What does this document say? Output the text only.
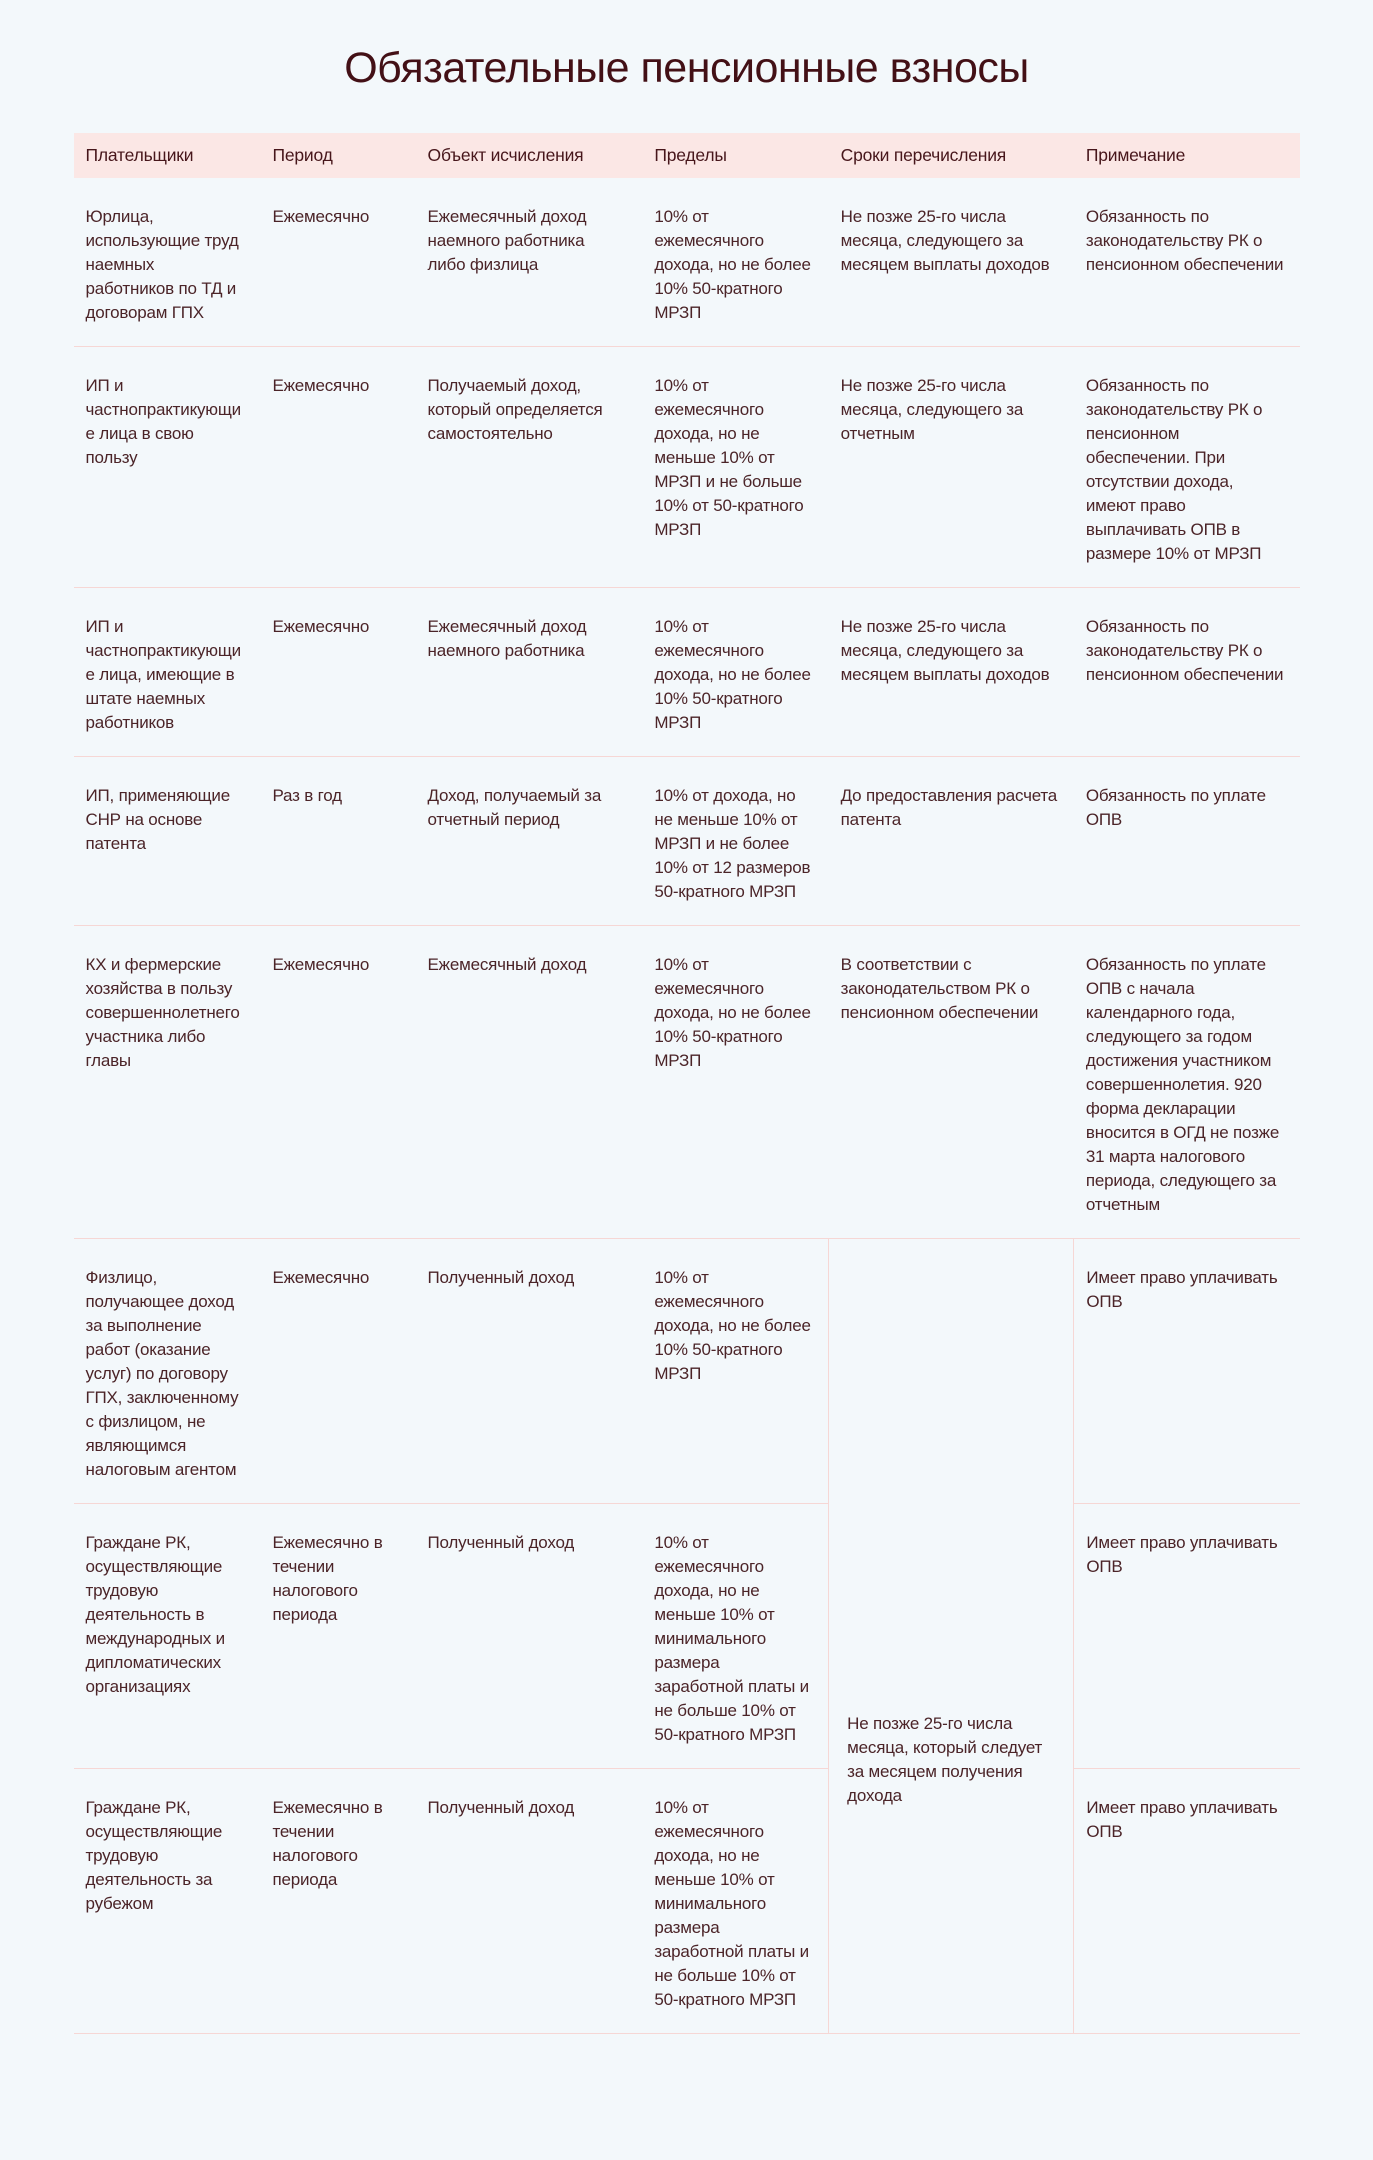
Обязательные пенсионные взносы
Плательщики	Период	Объект исчисления	Пределы	Сроки перечисления	Примечание
Юрлица, использующие труд наемных работников по ТД и договорам ГПХ	Ежемесячно	Ежемесячный доход наемного работника либо физлица	10% от ежемесячного дохода, но не более 10% 50-кратного МРЗП	Не позже 25-го числа месяца, следующего за месяцем выплаты доходов	Обязанность по законодательству РК о пенсионном обеспечении
ИП и частнопрактикующие лица в свою пользу	Ежемесячно	Получаемый доход, который определяется самостоятельно	10% от ежемесячного дохода, но не меньше 10% от МРЗП и не больше 10% от 50-кратного МРЗП	Не позже 25-го числа месяца, следующего за отчетным	Обязанность по законодательству РК о пенсионном обеспечении. При отсутствии дохода, имеют право выплачивать ОПВ в размере 10% от МРЗП
ИП и частнопрактикующие лица, имеющие в штате наемных работников	Ежемесячно	Ежемесячный доход наемного работника	10% от ежемесячного дохода, но не более 10% 50-кратного МРЗП	Не позже 25-го числа месяца, следующего за месяцем выплаты доходов	Обязанность по законодательству РК о пенсионном обеспечении
ИП, применяющие СНР на основе патента	Раз в год	Доход, получаемый за отчетный период	10% от дохода, но не меньше 10% от МРЗП и не более 10% от 12 размеров 50-кратного МРЗП	До предоставления расчета патента	Обязанность по уплате ОПВ
КХ и фермерские хозяйства в пользу совершеннолетнего участника либо главы	Ежемесячно	Ежемесячный доход	10% от ежемесячного дохода, но не более 10% 50-кратного МРЗП	В соответствии с законодательством РК о пенсионном обеспечении	Обязанность по уплате ОПВ с начала календарного года, следующего за годом достижения участником совершеннолетия. 920 форма декларации вносится в ОГД не позже 31 марта налогового периода, следующего за отчетным
Физлицо, получающее доход за выполнение работ (оказание услуг) по договору ГПХ, заключенному с физлицом, не являющимся налоговым агентом	Ежемесячно	Полученный доход	10% от ежемесячного дохода, но не более 10% 50-кратного МРЗП	Не позже 25-го числа месяца, который следует за месяцем получения дохода	Имеет право уплачивать ОПВ
Граждане РК, осуществляющие трудовую деятельность в международных и дипломатических организациях	Ежемесячно в течении налогового периода	Полученный доход	10% от ежемесячного дохода, но не меньше 10% от минимального размера заработной платы и не больше 10% от 50-кратного МРЗП		Имеет право уплачивать ОПВ
Граждане РК, осуществляющие трудовую деятельность за рубежом	Ежемесячно в течении налогового периода	Полученный доход	10% от ежемесячного дохода, но не меньше 10% от минимального размера заработной платы и не больше 10% от 50-кратного МРЗП		Имеет право уплачивать ОПВ
